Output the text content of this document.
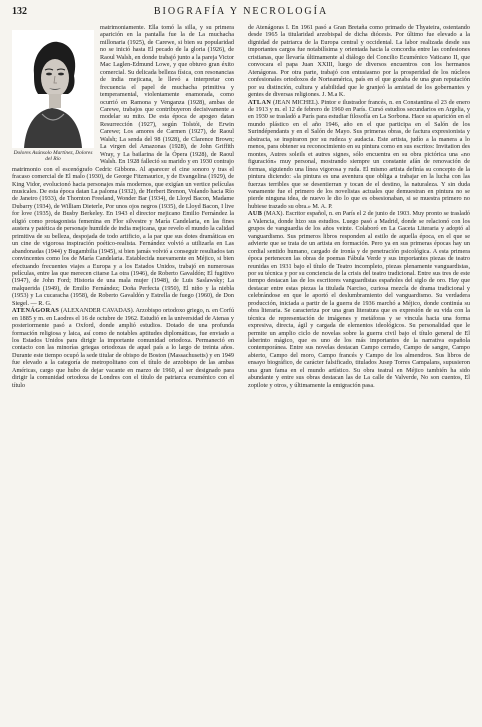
132	BIOGRAFÍA Y NECROLOGÍA
Dolores Asúnsolo Martínez, Dolores del Río

matrimoniamente. Ella tomó la silla, y su primera aparición en la pantalla fue la de La muchacha millonaria (1925), de Carewe, si bien su popularidad no se inició hasta El pecado de la gloria (1926), de Raoul Walsh, en donde trabajó junto a la pareja Victor Mac Laglen-Edmund Lowe, y que obtuvo gran éxito comercial. Su delicada belleza física, con resonancias de india mejicana, le llevó a interpretar con frecuencia el papel de muchacha primitiva y temperamental, violentamente enamorada, como ocurrió en Ramona y Venganza (1928), ambas de Carewe, trabajos que contribuyeron decisivamente a modelar su mito. De esta época de apogeo datan Resurrección (1927), según Tolstói, de Erwin Carewe; Los amores de Carmen (1927), de Raoul Walsh; La senda del 98 (1928), de Clarence Brown; La virgen del Amazonas (1928), de John Griffith Wray, y La bailarina de la Ópera (1928), de Raoul Walsh. En 1928 falleció su marido y en 1930 contrajo matrimonio con el escenógrafo Cedric Gibbons. Al aparecer el cine sonoro y tras el fracaso comercial de El malo (1930), de George Fitzmaurice, y de Evangelina (1929), de King Vidor, evolucionó hacia personajes más modernos, que exigían un vertice películas musicales. De esta época datan La paloma (1932), de Herbert Brenon, Volando hacia Río de Janeiro (1933), de Thornton Freeland, Wonder Bar (1934), de Lloyd Bacon, Madame Dubarry (1934), de William Dieterle, Por unos ojos negros (1935), de Lloyd Bacon, I live for love (1935), de Busby Berkeley. En 1943 el director mejicano Emilio Fernández la eligió como protagonista femenina en Flor silvestre y María Candelaria, en las fines austera y patética de personaje humilde de india mejicana, que revelo el mundo la calidad primitiva de su belleza, despojada de todo artificio, a la par que sus dotes dramáticas en un cine de vigorosa inspiración poético-realista. Fernández volvió a utilizarla en Las abandonadas (1944) y Bugambilia (1945), si bien jamás volvió a conseguir resultados tan convincentes como los de María Candelaria. Establecida nuevamente en Méjico, si bien efectuando frecuentes viajes a Europa y a los Estados Unidos, trabajó en numerosas películas, entre las que merecen citarse La otra (1946), de Roberto Gavaldón; El fugitivo (1947), de John Ford; Historia de una mala mujer (1948), de Luis Saslawsky; La malquerida (1949), de Emilio Fernández; Doña Perfecta (1950), El niño y la niebla (1953) y La cucaracha (1958), de Roberto Gavaldón y Estrella de fuego (1960), de Don Siegel. — R. G.

ATENÁGORAS (ALEXANDER CAVADAS). Arzobispo ortodoxo griego, n. en Corfú en 1885 y m. en Laodres el 16 de octubre de 1962. Estudió en la universidad de Atenas y posteriormente pasó a Oxford, donde amplió estudios. Dotado de una profunda formación religiosa y laica, así como de notables aptitudes diplomáticas, fue enviado a los Estados Unidos para dirigir la importante comunidad ortodoxa. Permaneció en contacto con las minorías griegas ortodoxas de aquel país a lo largo de treinta años. Durante este tiempo ocupó la sede titular de obispo de Boston (Massachusetts) y en 1949 fue elevado a la categoría de metropolitano con el título de arzobispo de las ambas Américas, cargo que hubo de dejar vacante en marzo de 1960, al ser designado para dirigir la comunidad ortodoxa de Londres con el título de patriarca ecuménico con el título

de Atenágoras I. En 1961 pasó a Gran Bretaña como primado de Thyateira, ostentando desde 1965 la titularidad arzobispal de dicha diócesis. Por último fue elevado a la dignidad de patriarca de la Europa central y occidental. La labor realizada desde sus importantes cargos fue notabilísima y orientada hacia la concordia entre las confesiones cristianas, que llevaría últimamente al diálogo del Concilio Ecuménico Vaticano II, que convocara el papa Juan XXIII, luego de diversos encuentros con los hermanos Atenágoras. Por otra parte, trabajó con entusiasmo por la prosperidad de los núcleos confesionales ortodoxos de Norteamérica, país en el que gozaba de una gran reputación por su distinción, cultura y afabilidad que le granjeó la amistad de los gobernantes y gentes de diversas religiones. J. M.a K.

ATLAN (JEAN MICHEL). Pintor e ilustrador francés, n. en Constantina el 23 de enero de 1913 y m. el 12 de febrero de 1960 en París. Cursó estudios secundarios en Argelia, y en 1930 se trasladó a París para estudiar filosofía en La Sorbona. Hace su aparición en el mundo plástico en el año 1946, año en el que participa en el Salón de los Surindépendants y en el Salón de Mayo. Sus primeras obras, de factura expresionista y abstracta, se inspiraron por su rudeza y audacia. Este artista, judío a la manera a lo menos, para obtener su reconocimiento en su pintura como en sus escritos: Invitation des montes, Autres soleils et autres signes, sólo encuentra en su obra pictórica una «no figuración» muy personal, mostrando siempre un constante afán de renovación de formas, siguiendo una línea vigorosa y ruda. El mismo artista definía su concepto de la pintura diciendo: «la pintura es una aventura que obliga a trabajar en la lucha con las fuerzas terribles que se desentierran y tocan de el destino, la naturaleza. Y sin duda vanamente fue el primero de los novelistas actuales que demuestran en pintura no se pierde ninguna idea, de nuevo le dio lo que es obsesionaban, si se muestra primero no hubiese trazado su obra.» M. A. P.

AUB (MAX). Escritor español, n. en París el 2 de junio de 1903. Muy pronto se trasladó a Valencia, donde hizo sus estudios. Luego pasó a Madrid, donde se relacionó con los grupos de vanguardia de los años veinte. Colaboró en La Gaceta Literaria y adoptó al vanguardismo. Sus primeros libros responden al estilo de aquella época, en el que se advierte que se trata de un artista en formación. Pero ya en sus primeras épocas hay un cordial sentido humano, cargado de ironía y de penetración psicológica. A esta primera época pertenecen las obras de poemas Fábula Verde y sus importantes piezas de teatro reunidas en 1931 bajo el título de Teatro incompleto, piezas plenamente vanguardistas, por su técnica y por su conciencia de la crisis del teatro tradicional. Entre sus tres de este tiempo destacan las de los escritores vanguardistas españoles del siglo de oro. Hay que destacar entre estas piezas la titulada Narciso, curiosa mezcla de drama tradicional y celebrándose en que le aportó el deslumbramiento del vanguardismo. Su verdadera producción, iniciada a partir de la guerra de 1936 marchó a Méjico, donde continúa su obra literaria. Se caracteriza por una gran literatura que es expresión de su vida con la técnica de representación de imágenes y metáforas y se vincula hacia una forma expresiva, directa, ágil y cargada de elementos ideológicos. Su personalidad que le permite un amplio ciclo de novelas sobre la guerra civil bajo el título general de El laberinto mágico, que es uno de los más importantes de la narrativa española contemporánea. Entre sus novelas destacan Campo cerrado, Campo de sangre, Campo abierto, Campo del moro, Campo francés y Campo de los almendros. Sus libros de ensayo biográfico, de carácter falsificado, titulados Jusep Torres Campalans, supusieron una gran fama en el mundo artístico. Su obra teatral en Méjico también ha sido abundante y entre sus obras destacan las de La calle de Valverde, No son cuentos, El zopilote y otros, y últimamente la emigración pasa.
